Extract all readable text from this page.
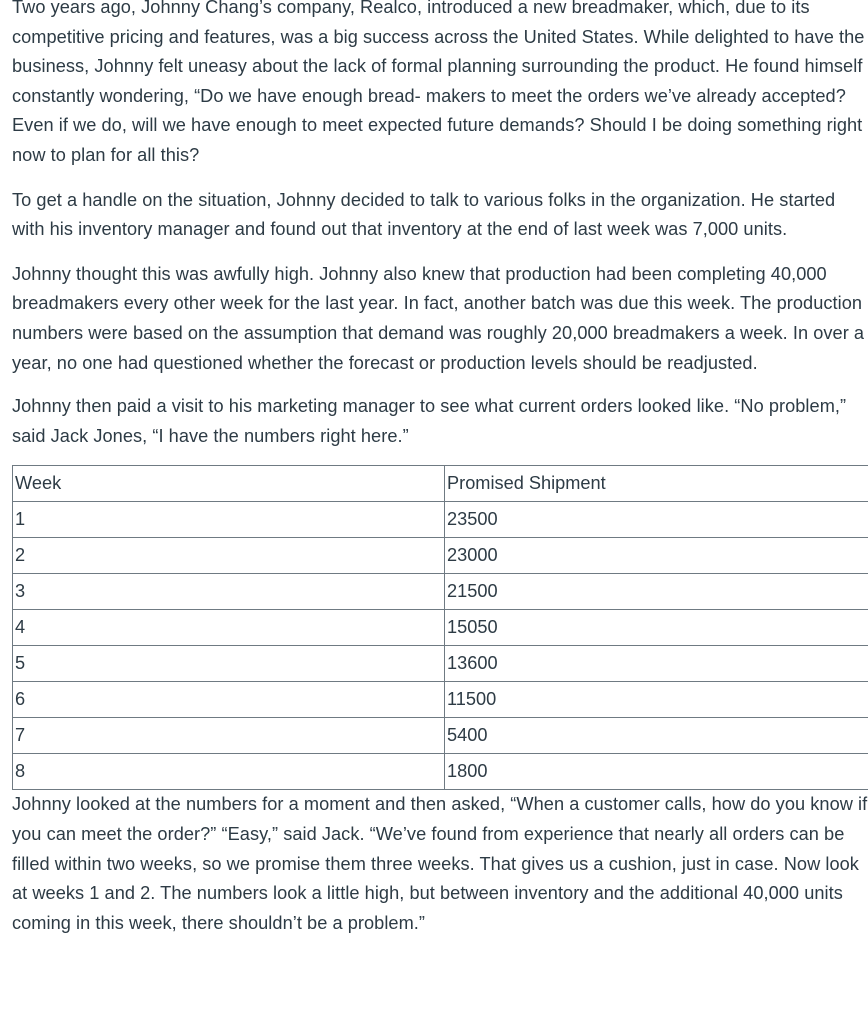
Two years ago, Johnny Chang’s company, Realco, introduced a new breadmaker, which, due to its competitive pricing and features, was a big success across the United States. While delighted to have the business, Johnny felt uneasy about the lack of formal planning surrounding the product. He found himself constantly wondering, “Do we have enough bread- makers to meet the orders we’ve already accepted? Even if we do, will we have enough to meet expected future demands? Should I be doing something right now to plan for all this?

To get a handle on the situation, Johnny decided to talk to various folks in the organization. He started with his inventory manager and found out that inventory at the end of last week was 7,000 units.

Johnny thought this was awfully high. Johnny also knew that production had been completing 40,000 breadmakers every other week for the last year. In fact, another batch was due this week. The production numbers were based on the assumption that demand was roughly 20,000 breadmakers a week. In over a year, no one had questioned whether the forecast or production levels should be readjusted.

Johnny then paid a visit to his marketing manager to see what current orders looked like. “No problem,” said Jack Jones, “I have the numbers right here.”

Week	Promised Shipment
1	23500
2	23000
3	21500
4	15050
5	13600
6	11500
7	5400
8	1800

Johnny looked at the numbers for a moment and then asked, “When a customer calls, how do you know if you can meet the order?” “Easy,” said Jack. “We’ve found from experience that nearly all orders can be filled within two weeks, so we promise them three weeks. That gives us a cushion, just in case. Now look at weeks 1 and 2. The numbers look a little high, but between inventory and the additional 40,000 units coming in this week, there shouldn’t be a problem.”
